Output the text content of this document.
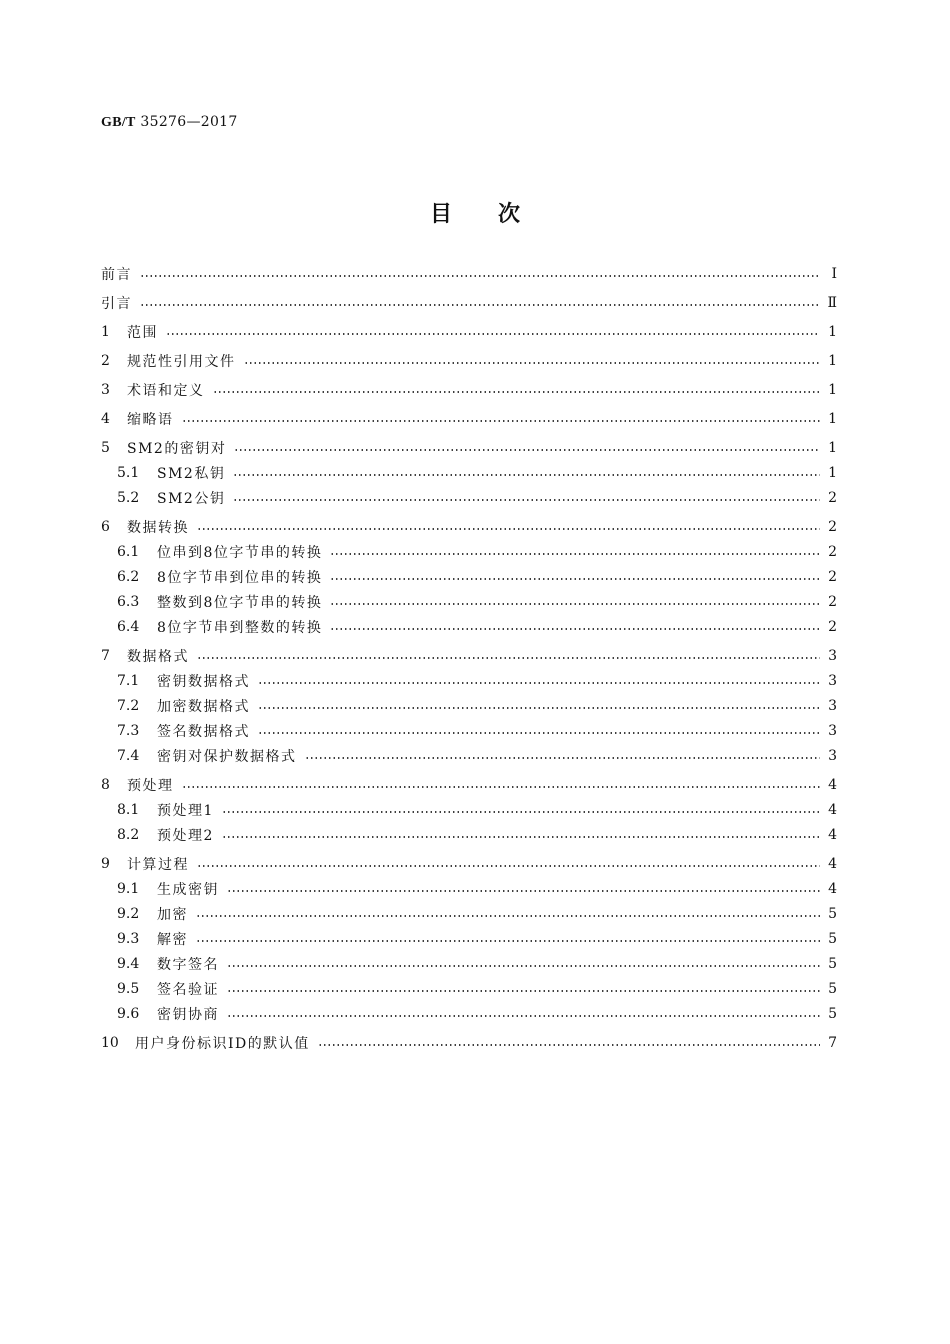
GB/T 35276—2017
目次
前言	Ⅰ
引言	Ⅱ
1	范围	1
2	规范性引用文件	1
3	术语和定义	1
4	缩略语	1
5	SM2的密钥对	1
5.1	SM2私钥	1
5.2	SM2公钥	2
6	数据转换	2
6.1	位串到8位字节串的转换	2
6.2	8位字节串到位串的转换	2
6.3	整数到8位字节串的转换	2
6.4	8位字节串到整数的转换	2
7	数据格式	3
7.1	密钥数据格式	3
7.2	加密数据格式	3
7.3	签名数据格式	3
7.4	密钥对保护数据格式	3
8	预处理	4
8.1	预处理1	4
8.2	预处理2	4
9	计算过程	4
9.1	生成密钥	4
9.2	加密	5
9.3	解密	5
9.4	数字签名	5
9.5	签名验证	5
9.6	密钥协商	5
10	用户身份标识ID的默认值	7
